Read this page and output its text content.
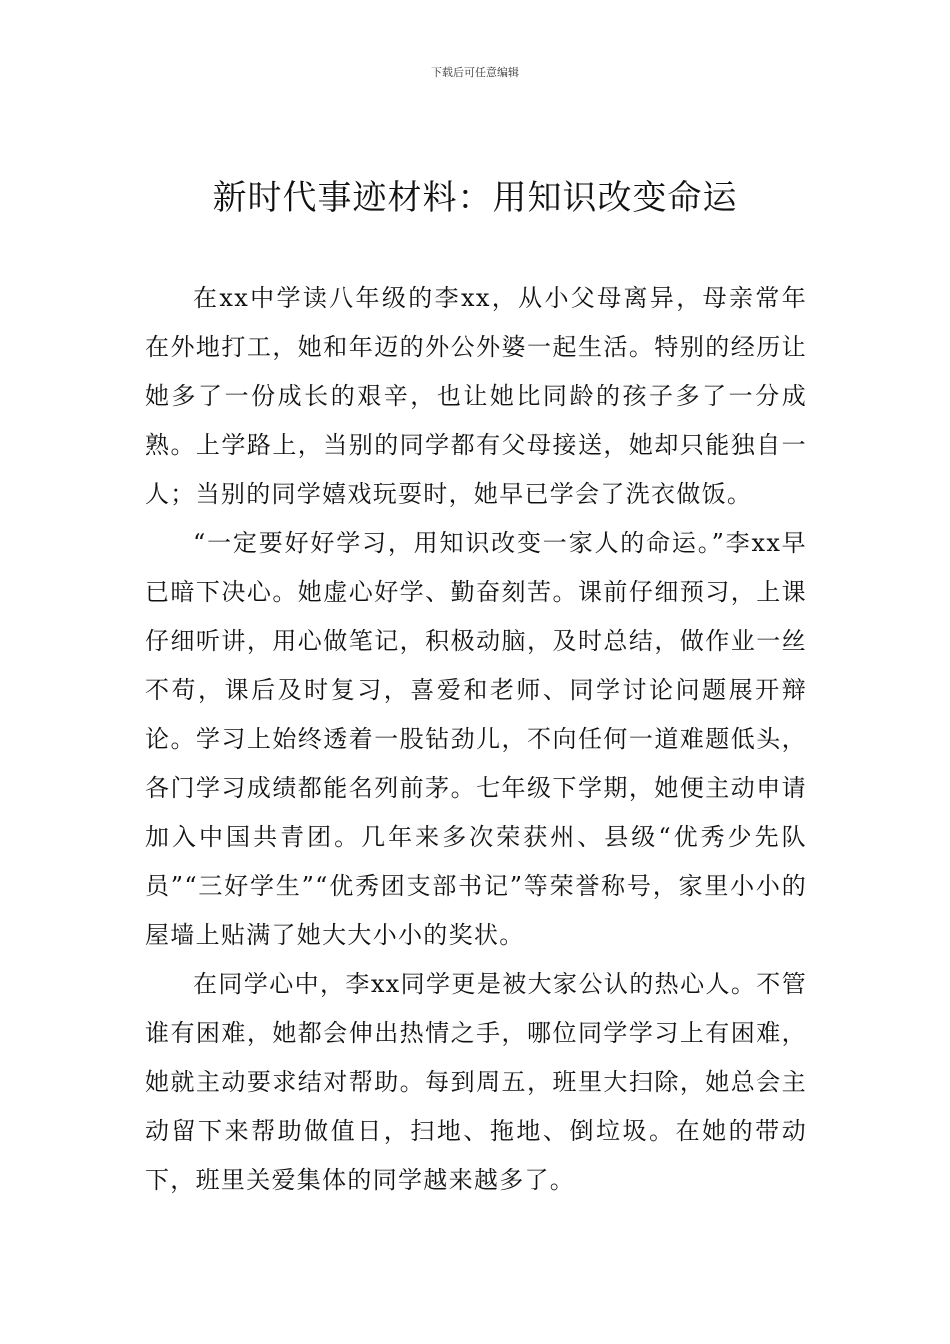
下载后可任意编辑
新时代事迹材料：用知识改变命运

在xx中学读八年级的李xx，从小父母离异，母亲常年在外地打工，她和年迈的外公外婆一起生活。特别的经历让她多了一份成长的艰辛，也让她比同龄的孩子多了一分成熟。上学路上，当别的同学都有父母接送，她却只能独自一人；当别的同学嬉戏玩耍时，她早已学会了洗衣做饭。

“一定要好好学习，用知识改变一家人的命运。”李xx早已暗下决心。她虚心好学、勤奋刻苦。课前仔细预习，上课仔细听讲，用心做笔记，积极动脑，及时总结，做作业一丝不苟，课后及时复习，喜爱和老师、同学讨论问题展开辩论。学习上始终透着一股钻劲儿，不向任何一道难题低头，各门学习成绩都能名列前茅。七年级下学期，她便主动申请加入中国共青团。几年来多次荣获州、县级“优秀少先队员”“三好学生”“优秀团支部书记”等荣誉称号，家里小小的屋墙上贴满了她大大小小的奖状。

在同学心中，李xx同学更是被大家公认的热心人。不管谁有困难，她都会伸出热情之手，哪位同学学习上有困难，她就主动要求结对帮助。每到周五，班里大扫除，她总会主动留下来帮助做值日，扫地、拖地、倒垃圾。在她的带动下，班里关爱集体的同学越来越多了。
